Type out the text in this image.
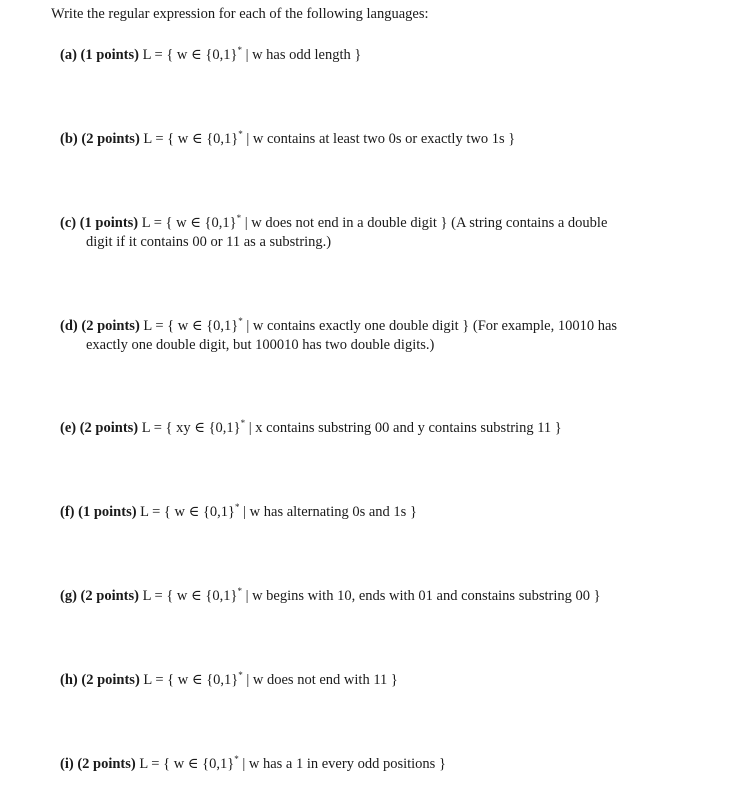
Write the regular expression for each of the following languages:
(a) (1 points) L = { w ∈ {0,1}* | w has odd length }
(b) (2 points) L = { w ∈ {0,1}* | w contains at least two 0s or exactly two 1s }
(c) (1 points) L = { w ∈ {0,1}* | w does not end in a double digit } (A string contains a double
digit if it contains 00 or 11 as a substring.)
(d) (2 points) L = { w ∈ {0,1}* | w contains exactly one double digit } (For example, 10010 has
exactly one double digit, but 100010 has two double digits.)
(e) (2 points) L = { xy ∈ {0,1}* | x contains substring 00 and y contains substring 11 }
(f) (1 points) L = { w ∈ {0,1}* | w has alternating 0s and 1s }
(g) (2 points) L = { w ∈ {0,1}* | w begins with 10, ends with 01 and constains substring 00 }
(h) (2 points) L = { w ∈ {0,1}* | w does not end with 11 }
(i) (2 points) L = { w ∈ {0,1}* | w has a 1 in every odd positions }
